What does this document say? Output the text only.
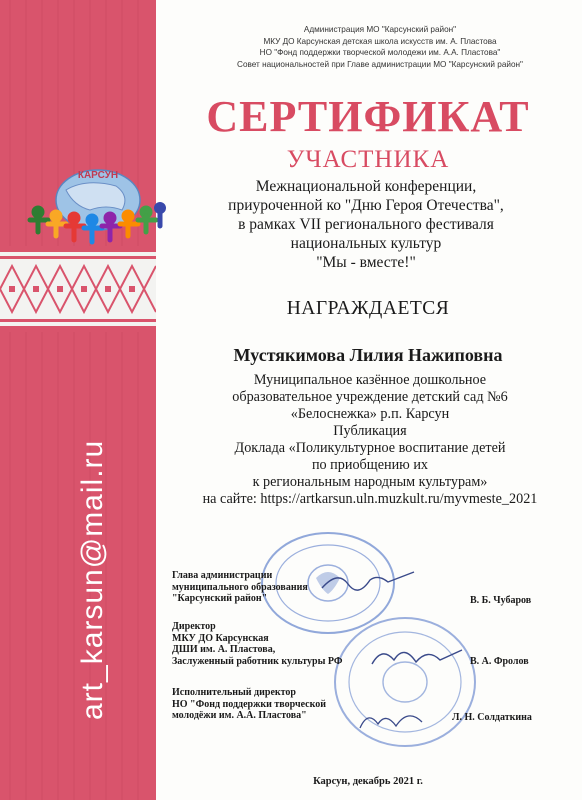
art_karsun@mail.ru
КАРСУН
Администрация МО "Карсунский район"
МКУ ДО Карсунская детская школа искусств им. А. Пластова
НО "Фонд поддержки творческой молодежи им. А.А. Пластова"
Совет национальностей при Главе администрации МО "Карсунский район"
СЕРТИФИКАТ
УЧАСТНИКА
Межнациональной конференции,
приуроченной ко "Дню Героя Отечества",
в рамках VII регионального фестиваля
национальных культур
"Мы - вместе!"
НАГРАЖДАЕТСЯ
Мустякимова Лилия Нажиповна
Муниципальное казённое дошкольное
образовательное учреждение детский сад №6
«Белоснежка» р.п. Карсун
Публикация
Доклада «Поликультурное воспитание детей
по приобщению их
к региональным народным культурам»
на сайте: https://artkarsun.uln.muzkult.ru/myvmeste_2021
Глава администрации
муниципального образования
"Карсунский район"	В. Б. Чубаров
Директор
МКУ ДО Карсунская
ДШИ им. А. Пластова,
Заслуженный работник культуры РФ	В. А. Фролов
Исполнительный директор
НО "Фонд поддержки творческой
молодёжи им. А.А. Пластова"	Л. Н. Солдаткина
Карсун, декабрь 2021 г.
